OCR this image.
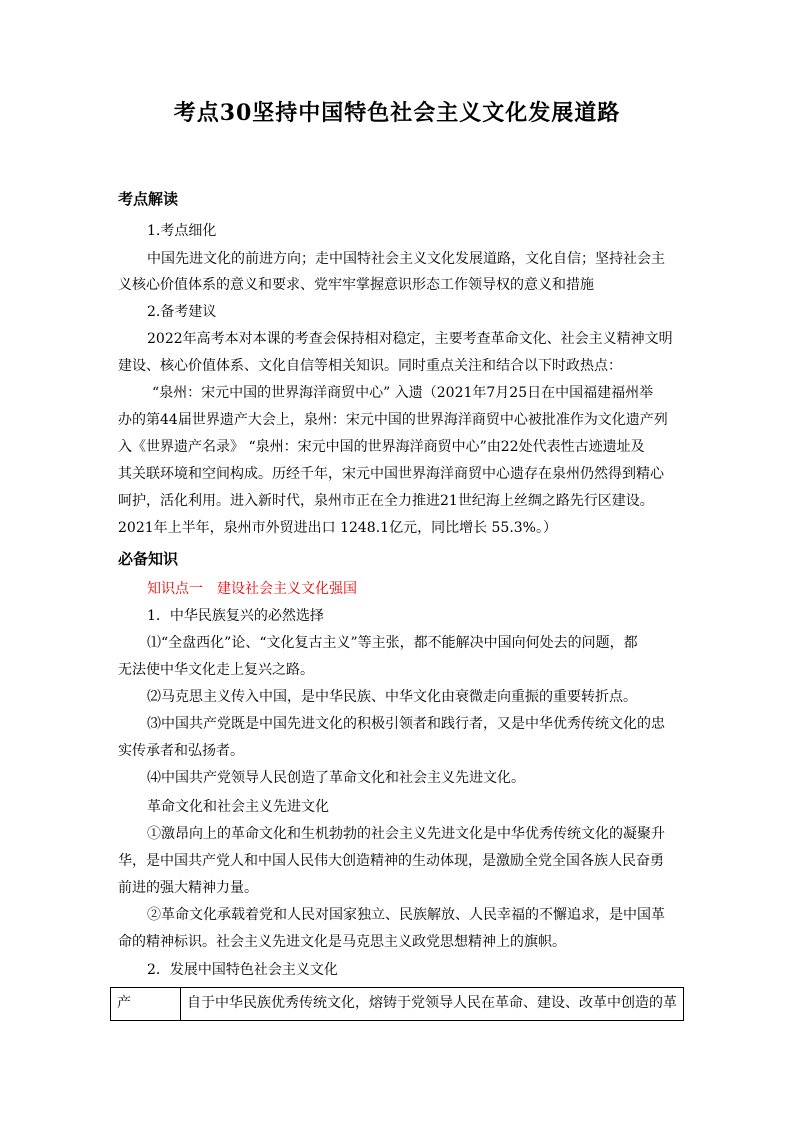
考点30坚持中国特色社会主义文化发展道路
考点解读
1.考点细化
中国先进文化的前进方向；走中国特社会主义文化发展道路，文化自信；坚持社会主
义核心价值体系的意义和要求、党牢牢掌握意识形态工作领导权的意义和措施
2.备考建议
2022年高考本对本课的考查会保持相对稳定，主要考查革命文化、社会主义精神文明
建设、核心价值体系、文化自信等相关知识。同时重点关注和结合以下时政热点：
“泉州：宋元中国的世界海洋商贸中心” 入遗（2021年7月25日在中国福建福州举
办的第44届世界遗产大会上，泉州：宋元中国的世界海洋商贸中心被批准作为文化遗产列
入《世界遗产名录》 “泉州：宋元中国的世界海洋商贸中心”由22处代表性古迹遗址及
其关联环境和空间构成。历经千年，宋元中国世界海洋商贸中心遗存在泉州仍然得到精心
呵护，活化利用。进入新时代，泉州市正在全力推进21世纪海上丝绸之路先行区建设。
2021年上半年，泉州市外贸进出口 1248.1亿元，同比增长 55.3%。）
必备知识
知识点一　建设社会主义文化强国
1．中华民族复兴的必然选择
⑴“全盘西化”论、“文化复古主义”等主张，都不能解决中国向何处去的问题，都
无法使中华文化走上复兴之路。
⑵马克思主义传入中国，是中华民族、中华文化由衰微走向重振的重要转折点。
⑶中国共产党既是中国先进文化的积极引领者和践行者，又是中华优秀传统文化的忠
实传承者和弘扬者。
⑷中国共产党领导人民创造了革命文化和社会主义先进文化。
革命文化和社会主义先进文化
①激昂向上的革命文化和生机勃勃的社会主义先进文化是中华优秀传统文化的凝聚升
华，是中国共产党人和中国人民伟大创造精神的生动体现，是激励全党全国各族人民奋勇
前进的强大精神力量。
②革命文化承载着党和人民对国家独立、民族解放、人民幸福的不懈追求，是中国革
命的精神标识。社会主义先进文化是马克思主义政党思想精神上的旗帜。
2．发展中国特色社会主义文化
产	自于中华民族优秀传统文化，熔铸于党领导人民在革命、建设、改革中创造的革
